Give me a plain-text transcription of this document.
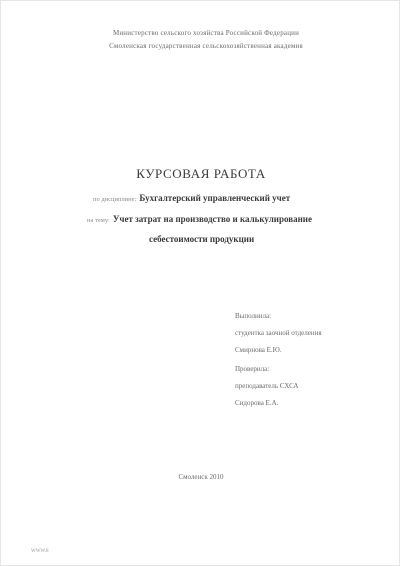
Министерство сельского хозяйства Российской Федерации
Смоленская государственная сельскохозяйственная академия
КУРСОВАЯ РАБОТА
по дисциплине: Бухгалтерский управленческий учет
на тему: Учет затрат на производство и калькулирование
себестоимости продукции
Выполнила:
студентка заочной отделения
Смирнова Е.Ю.
Проверила:
преподаватель СХСА
Сидорова Е.А.
Смоленск 2010
WWW.8
